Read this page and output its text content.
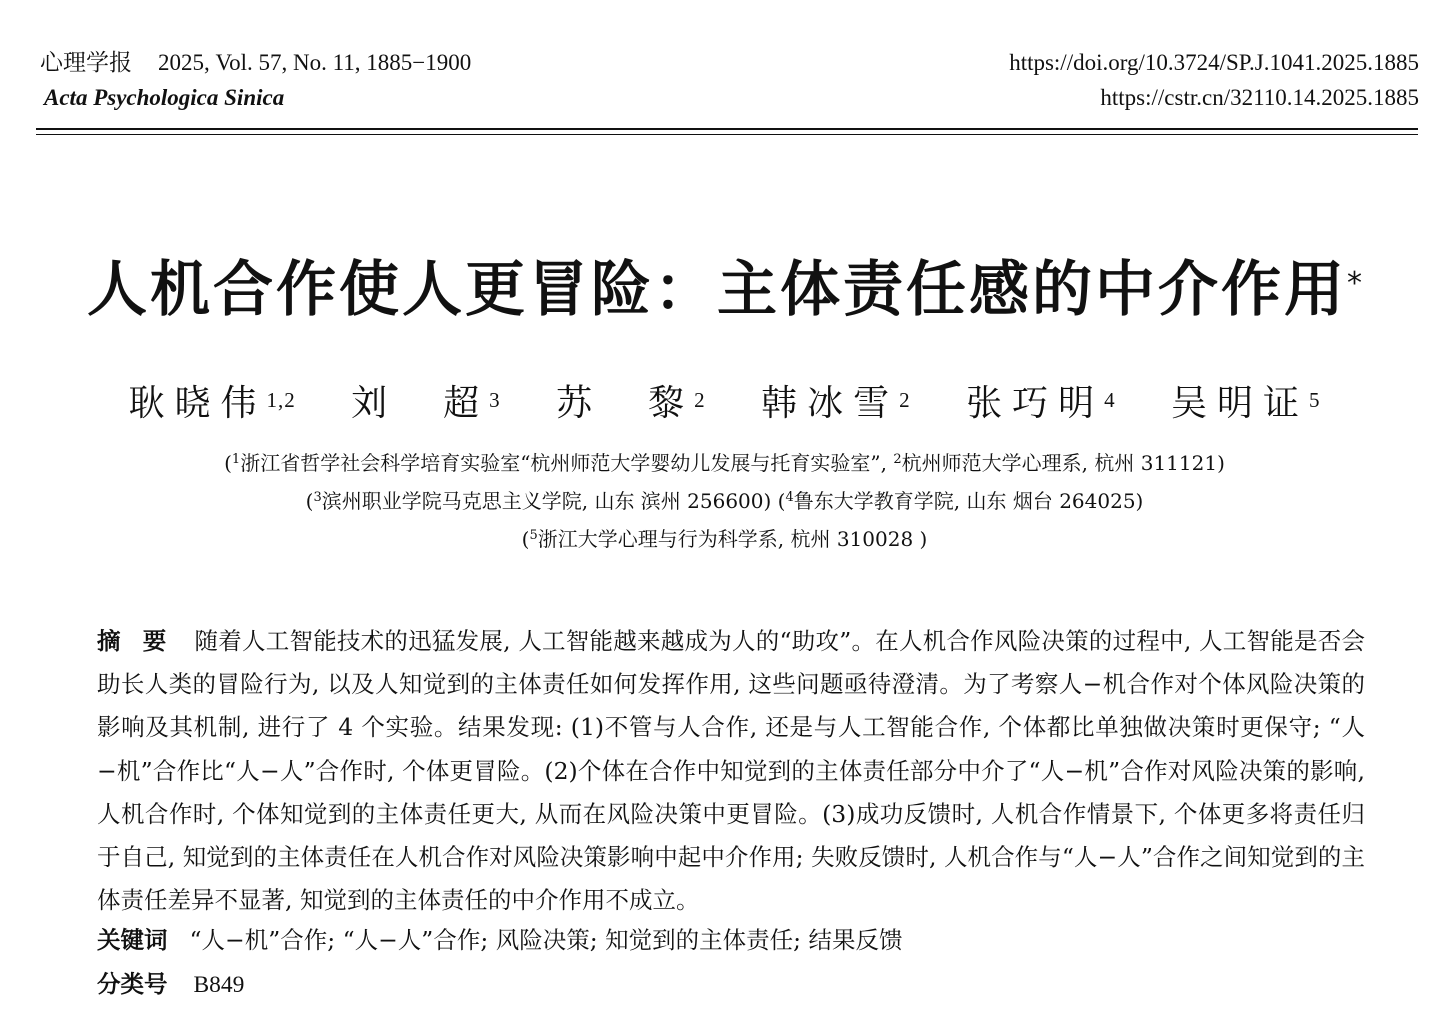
心理学报 2025, Vol. 57, No. 11, 1885−1900
Acta Psychologica Sinica
https://doi.org/10.3724/SP.J.1041.2025.1885
https://cstr.cn/32110.14.2025.1885
人机合作使人更冒险：主体责任感的中介作用*
耿晓伟$^{1,2}$ 刘　超$^3$ 苏　黎$^2$ 韩冰雪$^2$ 张巧明$^4$ 吴明证$^5$
($^1$浙江省哲学社会科学培育实验室“杭州师范大学婴幼儿发展与托育实验室”, $^2$杭州师范大学心理系, 杭州 311121)
($^3$滨州职业学院马克思主义学院, 山东 滨州 256600) ($^4$鲁东大学教育学院, 山东 烟台 264025)
($^5$浙江大学心理与行为科学系, 杭州 310028 )
摘要 随着人工智能技术的迅猛发展, 人工智能越来越成为人的“助攻”。在人机合作风险决策的过程中, 人工智能是否会助长人类的冒险行为, 以及人知觉到的主体责任如何发挥作用, 这些问题亟待澄清。为了考察人−机合作对个体风险决策的影响及其机制, 进行了 4 个实验。结果发现: (1)不管与人合作, 还是与人工智能合作, 个体都比单独做决策时更保守; “人−机”合作比“人−人”合作时, 个体更冒险。(2)个体在合作中知觉到的主体责任部分中介了“人−机”合作对风险决策的影响, 人机合作时, 个体知觉到的主体责任更大, 从而在风险决策中更冒险。(3)成功反馈时, 人机合作情景下, 个体更多将责任归于自己, 知觉到的主体责任在人机合作对风险决策影响中起中介作用; 失败反馈时, 人机合作与“人−人”合作之间知觉到的主体责任差异不显著, 知觉到的主体责任的中介作用不成立。
关键词 “人−机”合作; “人−人”合作; 风险决策; 知觉到的主体责任; 结果反馈
分类号 B849
